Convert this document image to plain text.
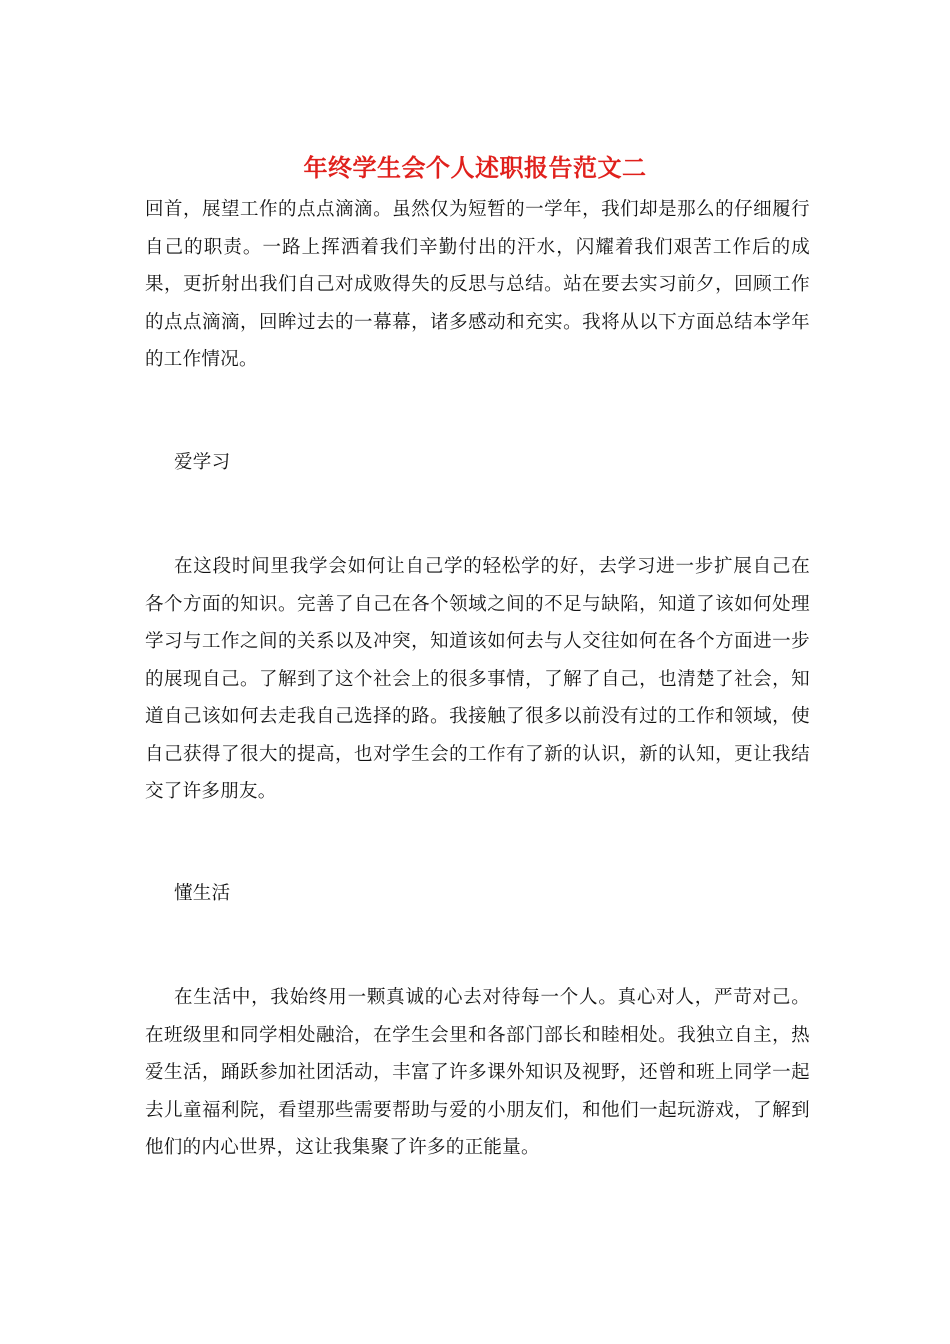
年终学生会个人述职报告范文二

回首，展望工作的点点滴滴。虽然仅为短暂的一学年，我们却是那么的仔细履行自己的职责。一路上挥洒着我们辛勤付出的汗水，闪耀着我们艰苦工作后的成果，更折射出我们自己对成败得失的反思与总结。站在要去实习前夕，回顾工作的点点滴滴，回眸过去的一幕幕，诸多感动和充实。我将从以下方面总结本学年的工作情况。

爱学习

在这段时间里我学会如何让自己学的轻松学的好，去学习进一步扩展自己在各个方面的知识。完善了自己在各个领域之间的不足与缺陷，知道了该如何处理学习与工作之间的关系以及冲突，知道该如何去与人交往如何在各个方面进一步的展现自己。了解到了这个社会上的很多事情，了解了自己，也清楚了社会，知道自己该如何去走我自己选择的路。我接触了很多以前没有过的工作和领域，使自己获得了很大的提高，也对学生会的工作有了新的认识，新的认知，更让我结交了许多朋友。

懂生活

在生活中，我始终用一颗真诚的心去对待每一个人。真心对人，严苛对己。在班级里和同学相处融洽，在学生会里和各部门部长和睦相处。我独立自主，热爱生活，踊跃参加社团活动，丰富了许多课外知识及视野，还曾和班上同学一起去儿童福利院，看望那些需要帮助与爱的小朋友们，和他们一起玩游戏，了解到他们的内心世界，这让我集聚了许多的正能量。
